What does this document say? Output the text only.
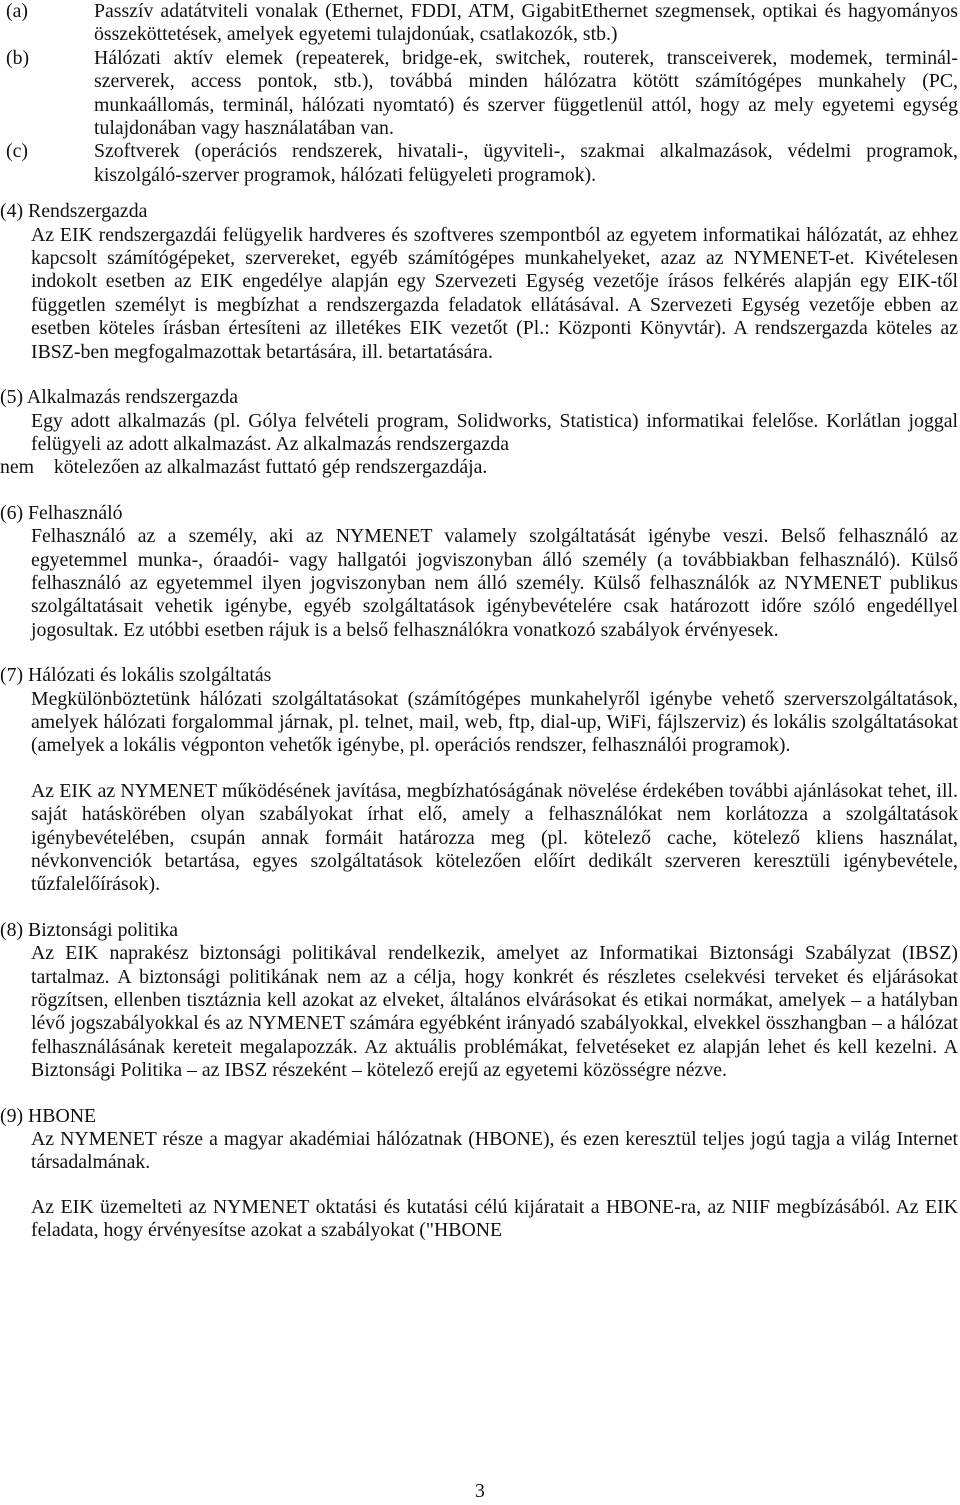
(a)	Passzív adatátviteli vonalak (Ethernet, FDDI, ATM, GigabitEthernet szegmensek, optikai és hagyományos összeköttetések, amelyek egyetemi tulajdonúak, csatlakozók, stb.)
(b)	Hálózati aktív elemek (repeaterek, bridge-ek, switchek, routerek, transceiverek, modemek, terminál-szerverek, access pontok, stb.), továbbá minden hálózatra kötött számítógépes munkahely (PC, munkaállomás, terminál, hálózati nyomtató) és szerver függetlenül attól, hogy az mely egyetemi egység tulajdonában vagy használatában van.
(c)	Szoftverek (operációs rendszerek, hivatali-, ügyviteli-, szakmai alkalmazások, védelmi programok, kiszolgáló-szerver programok, hálózati felügyeleti programok).
(4) Rendszergazda
Az EIK rendszergazdái felügyelik hardveres és szoftveres szempontból az egyetem informatikai hálózatát, az ehhez kapcsolt számítógépeket, szervereket, egyéb számítógépes munkahelyeket, azaz az NYMENET-et. Kivételesen indokolt esetben az EIK engedélye alapján egy Szervezeti Egység vezetője írásos felkérés alapján egy EIK-től független személyt is megbízhat a rendszergazda feladatok ellátásával. A Szervezeti Egység vezetője ebben az esetben köteles írásban értesíteni az illetékes EIK vezetőt (Pl.: Központi Könyvtár). A rendszergazda köteles az IBSZ-ben megfogalmazottak betartására, ill. betartatására.
(5) Alkalmazás rendszergazda
Egy adott alkalmazás (pl. Gólya felvételi program, Solidworks, Statistica) informatikai felelőse. Korlátlan joggal felügyeli az adott alkalmazást. Az alkalmazás rendszergazda
nem    kötelezően az alkalmazást futtató gép rendszergazdája.
(6) Felhasználó
Felhasználó az a személy, aki az NYMENET valamely szolgáltatását igénybe veszi. Belső felhasználó az egyetemmel munka-, óraadói- vagy hallgatói jogviszonyban álló személy (a továbbiakban felhasználó). Külső felhasználó az egyetemmel ilyen jogviszonyban nem álló személy. Külső felhasználók az NYMENET publikus szolgáltatásait vehetik igénybe, egyéb szolgáltatások igénybevételére csak határozott időre szóló engedéllyel jogosultak. Ez utóbbi esetben rájuk is a belső felhasználókra vonatkozó szabályok érvényesek.
(7) Hálózati és lokális szolgáltatás
Megkülönböztetünk hálózati szolgáltatásokat (számítógépes munkahelyről igénybe vehető szerverszolgáltatások, amelyek hálózati forgalommal járnak, pl. telnet, mail, web, ftp, dial-up, WiFi, fájlszerviz) és lokális szolgáltatásokat (amelyek a lokális végponton vehetők igénybe, pl. operációs rendszer, felhasználói programok).
Az EIK az NYMENET működésének javítása, megbízhatóságának növelése érdekében további ajánlásokat tehet, ill. saját hatáskörében olyan szabályokat írhat elő, amely a felhasználókat nem korlátozza a szolgáltatások igénybevételében, csupán annak formáit határozza meg (pl. kötelező cache, kötelező kliens használat, névkonvenciók betartása, egyes szolgáltatások kötelezően előírt dedikált szerveren keresztüli igénybevétele, tűzfalelőírások).
(8) Biztonsági politika
Az EIK naprakész biztonsági politikával rendelkezik, amelyet az Informatikai Biztonsági Szabályzat (IBSZ) tartalmaz. A biztonsági politikának nem az a célja, hogy konkrét és részletes cselekvési terveket és eljárásokat rögzítsen, ellenben tisztáznia kell azokat az elveket, általános elvárásokat és etikai normákat, amelyek – a hatályban lévő jogszabályokkal és az NYMENET számára egyébként irányadó szabályokkal, elvekkel összhangban – a hálózat felhasználásának kereteit megalapozzák. Az aktuális problémákat, felvetéseket ez alapján lehet és kell kezelni. A Biztonsági Politika – az IBSZ részeként – kötelező erejű az egyetemi közösségre nézve.
(9) HBONE
Az NYMENET része a magyar akadémiai hálózatnak (HBONE), és ezen keresztül teljes jogú tagja a világ Internet társadalmának.
Az EIK üzemelteti az NYMENET oktatási és kutatási célú kijáratait a HBONE-ra, az NIIF megbízásából. Az EIK feladata, hogy érvényesítse azokat a szabályokat ("HBONE
3
